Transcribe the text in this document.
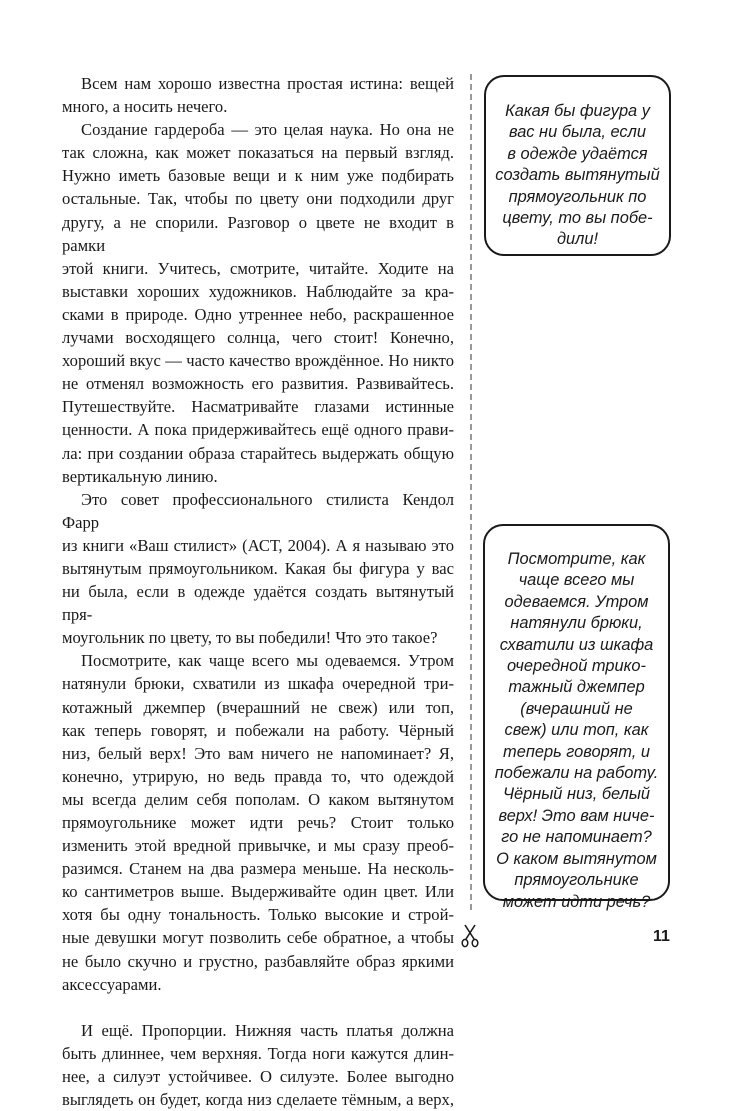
Всем нам хорошо известна простая истина: вещей

много, а носить нечего.

Создание гардероба — это целая наука. Но она не

так сложна, как может показаться на первый взгляд.

Нужно иметь базовые вещи и к ним уже подбирать

остальные. Так, чтобы по цвету они подходили друг

другу, а не спорили. Разговор о цвете не входит в рамки

этой книги. Учитесь, смотрите, читайте. Ходите на

выставки хороших художников. Наблюдайте за кра-

сками в природе. Одно утреннее небо, раскрашенное

лучами восходящего солнца, чего стоит! Конечно,

хороший вкус — часто качество врождённое. Но никто

не отменял возможность его развития. Развивайтесь.

Путешествуйте. Насматривайте глазами истинные

ценности. А пока придерживайтесь ещё одного прави-

ла: при создании образа старайтесь выдержать общую

вертикальную линию.

Это совет профессионального стилиста Кендол Фарр

из книги «Ваш стилист» (АСТ, 2004). А я называю это

вытянутым прямоугольником. Какая бы фигура у вас

ни была, если в одежде удаётся создать вытянутый пря-

моугольник по цвету, то вы победили! Что это такое?

Посмотрите, как чаще всего мы одеваемся. Утром

натянули брюки, схватили из шкафа очередной три-

котажный джемпер (вчерашний не свеж) или топ,

как теперь говорят, и побежали на работу. Чёрный

низ, белый верх! Это вам ничего не напоминает? Я,

конечно, утрирую, но ведь правда то, что одеждой

мы всегда делим себя пополам. О каком вытянутом

прямоугольнике может идти речь? Стоит только

изменить этой вредной привычке, и мы сразу преоб-

разимся. Станем на два размера меньше. На несколь-

ко сантиметров выше. Выдерживайте один цвет. Или

хотя бы одну тональность. Только высокие и строй-

ные девушки могут позволить себе обратное, а чтобы

не было скучно и грустно, разбавляйте образ яркими

аксессуарами.

И ещё. Пропорции. Нижняя часть платья должна

быть длиннее, чем верхняя. Тогда ноги кажутся длин-

нее, а силуэт устойчивее. О силуэте. Более выгодно

выглядеть он будет, когда низ сделаете тёмным, а верх,

Какая бы фигура у

вас ни была, если

в одежде удаётся

создать вытянутый

прямоугольник по

цвету, то вы побе-

дили!

Посмотрите, как

чаще всего мы

одеваемся. Утром

натянули брюки,

схватили из шкафа

очередной трико-

тажный джемпер

(вчерашний не

свеж) или топ, как

теперь говорят, и

побежали на работу.

Чёрный низ, белый

верх! Это вам ниче-

го не напоминает?

О каком вытянутом

прямоугольнике

может идти речь?

11
